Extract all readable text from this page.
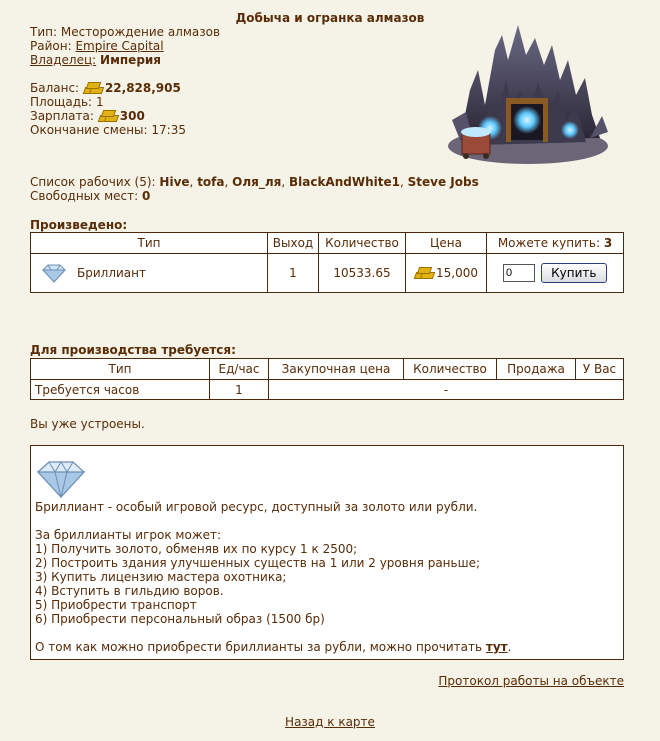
Добыча и огранка алмазов
Тип: Месторождение алмазов
Район: Empire Capital
Владелец: Империя
Баланс: 22,828,905
Площадь: 1
Зарплата: 300
Окончание смены: 17:35
Список рабочих (5): Hive, tofa, Оля_ля, BlackAndWhite1, Steve Jobs
Свободных мест: 0
Произведено:
Тип	Выход	Количество	Цена	Можете купить: 3

Бриллиант	1	10533.65	15,000	0Купить
Для производства требуется:
Тип	Ед/час	Закупочная цена	Количество	Продажа	У Вас
Требуется часов	1	-			
Вы уже устроены.
Бриллиант - особый игровой ресурс, доступный за золото или рубли.
За бриллианты игрок может:
1) Получить золото, обменяв их по курсу 1 к 2500;
2) Построить здания улучшенных существ на 1 или 2 уровня раньше;
3) Купить лицензию мастера охотника;
4) Вступить в гильдию воров.
5) Приобрести транспорт
6) Приобрести персональный образ (1500 бр)
О том как можно приобрести бриллианты за рубли, можно прочитать тут.
Протокол работы на объекте
Назад к карте
